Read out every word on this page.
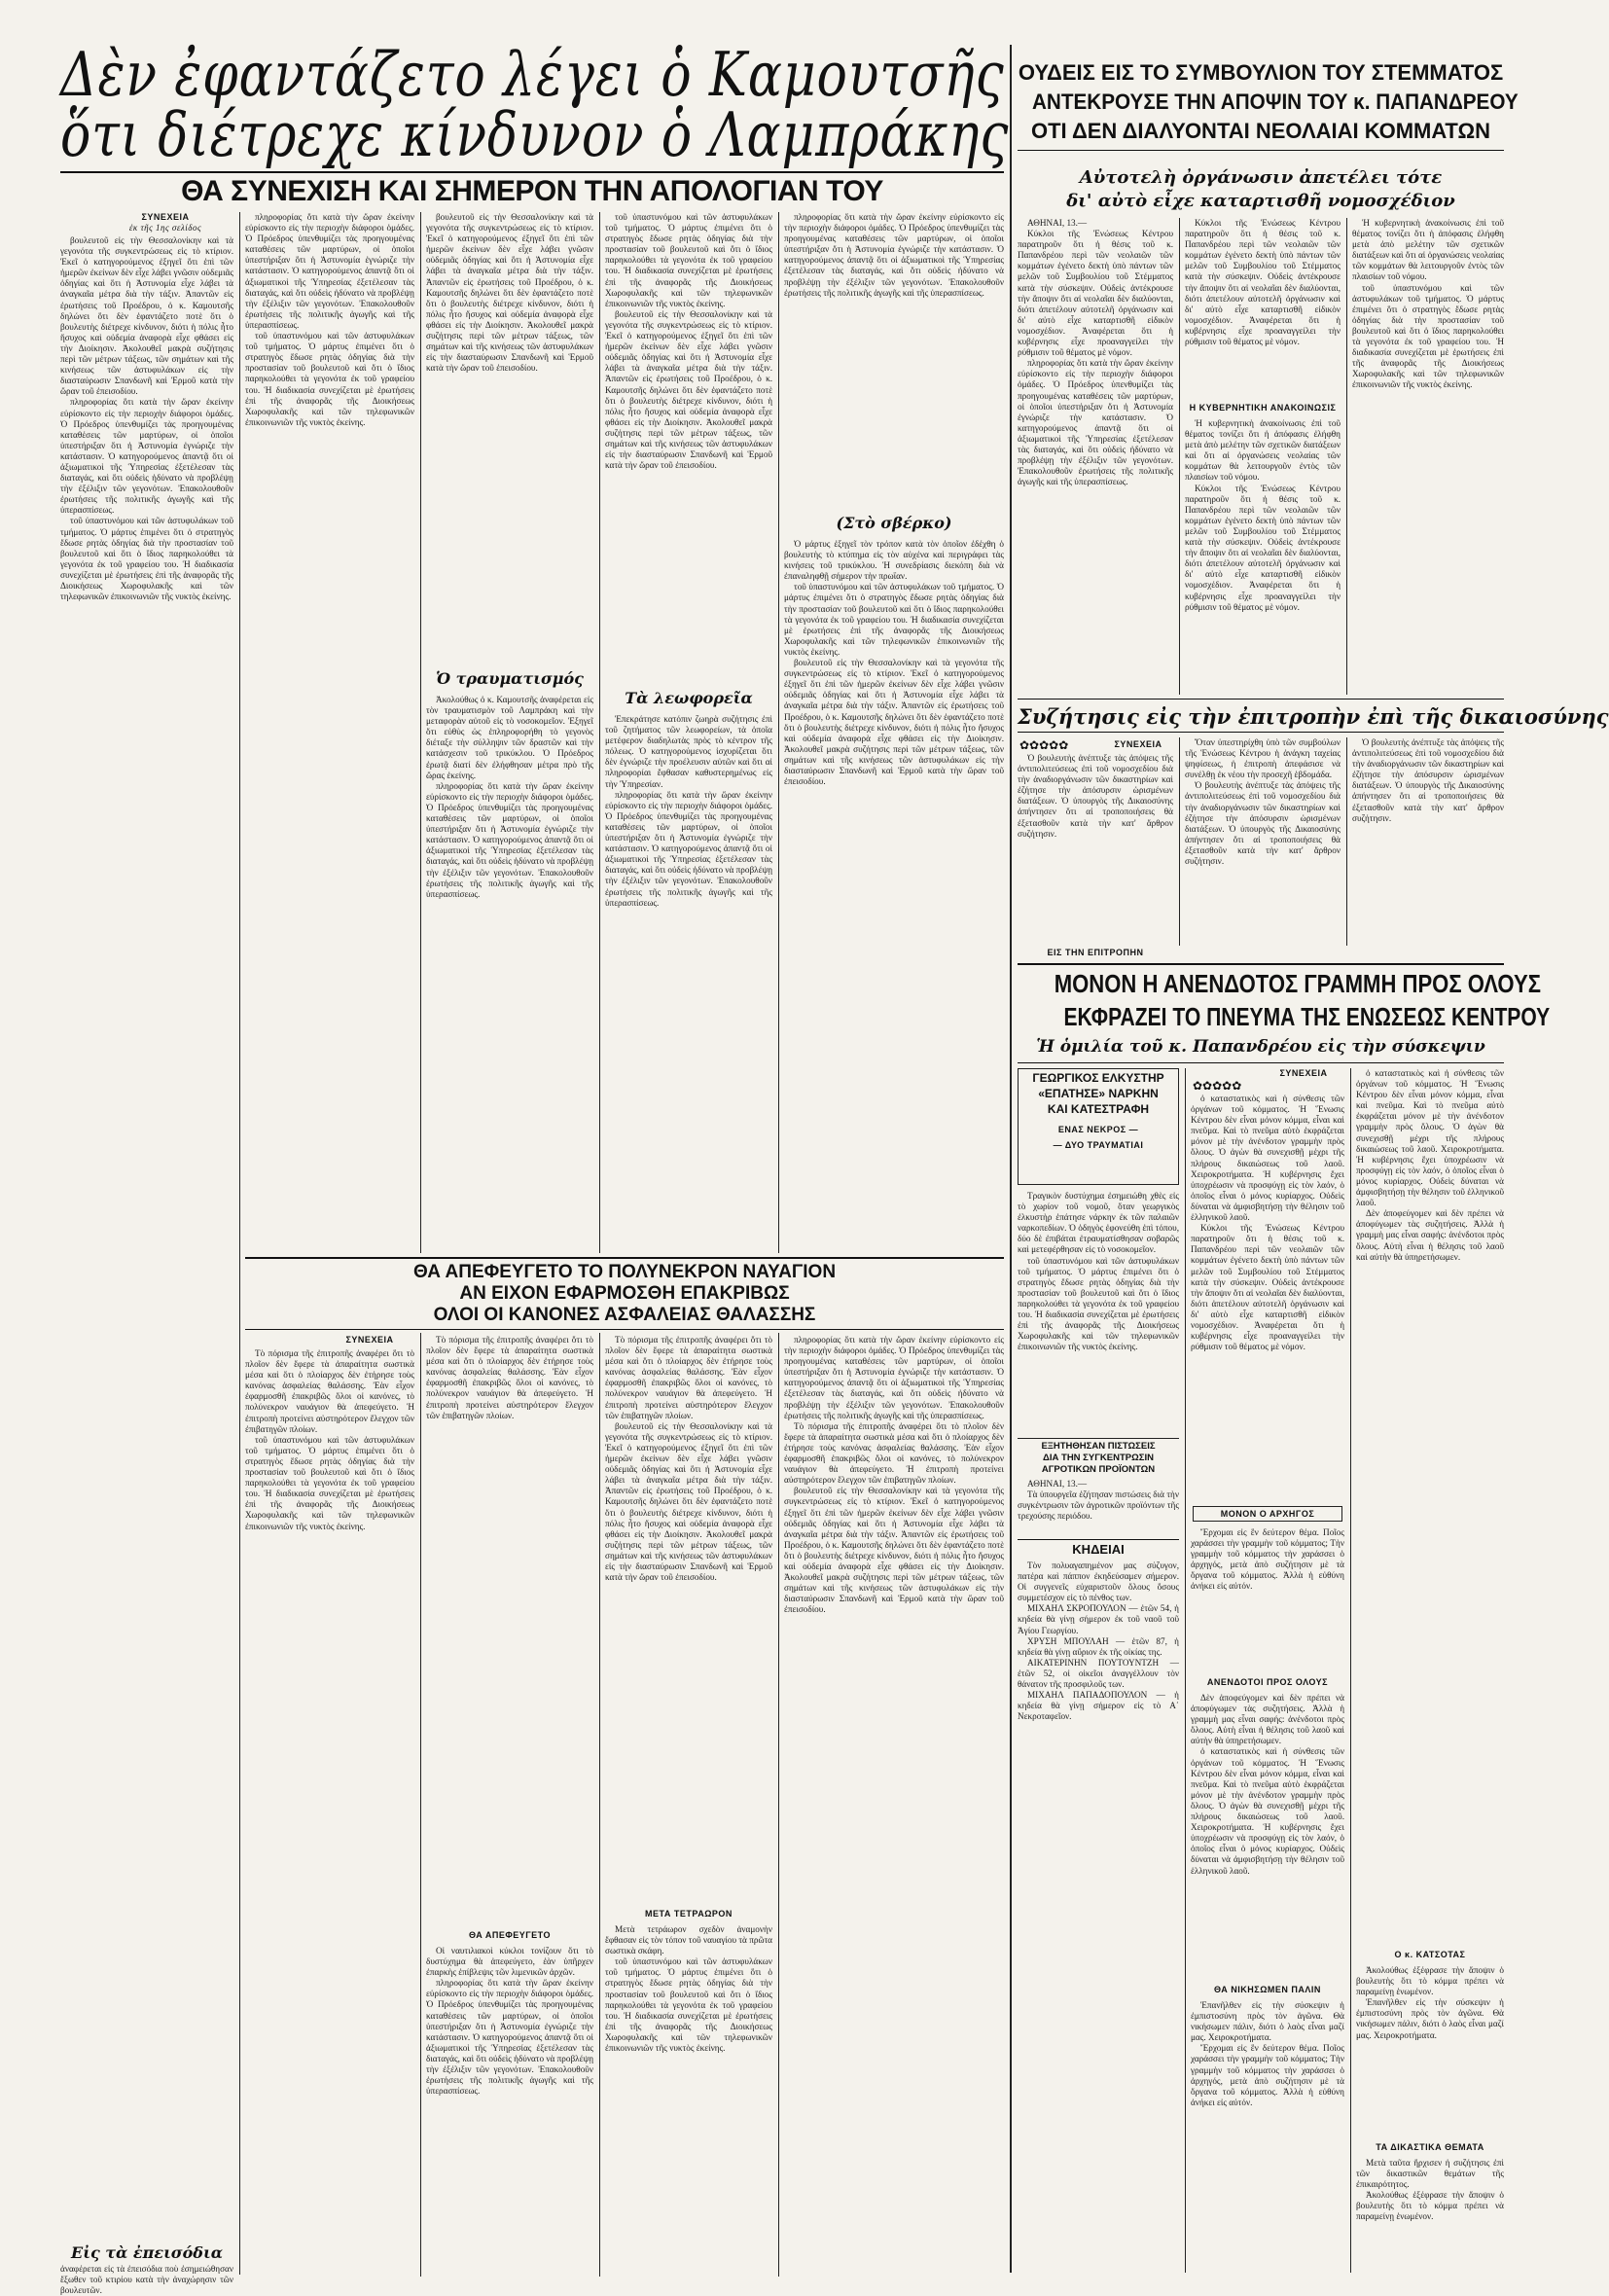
Δὲν ἐφαντάζετο λέγει ὁ Καμουτσῆς
ὅτι διέτρεχε κίνδυνον ὁ Λαμπράκης
ΘΑ ΣΥΝΕΧΙΣΗ ΚΑΙ ΣΗΜΕΡΟΝ ΤΗΝ ΑΠΟΛΟΓΙΑΝ ΤΟΥ
ΣΥΝΕΧΕΙΑ
ἐκ τῆς 1ης σελίδος

βουλευτοῦ εἰς τὴν Θεσσαλονίκην καὶ τὰ γεγονότα τῆς συγκεντρώσεως εἰς τὸ κτίριον. Ἐκεῖ ὁ κατηγορούμενος ἐξηγεῖ ὅτι ἐπὶ τῶν ἡμερῶν ἐκείνων δὲν εἶχε λάβει γνῶσιν οὐδεμιᾶς ὁδηγίας καὶ ὅτι ἡ Ἀστυνομία εἶχε λάβει τὰ ἀναγκαῖα μέτρα διὰ τὴν τάξιν. Ἀπαντῶν εἰς ἐρωτήσεις τοῦ Προέδρου, ὁ κ. Καμουτσῆς δηλώνει ὅτι δὲν ἐφαντάζετο ποτὲ ὅτι ὁ βουλευτὴς διέτρεχε κίνδυνον, διότι ἡ πόλις ἦτο ἥσυχος καὶ οὐδεμία ἀναφορὰ εἶχε φθάσει εἰς τὴν Διοίκησιν. Ἀκολουθεῖ μακρὰ συζήτησις περὶ τῶν μέτρων τάξεως, τῶν σημάτων καὶ τῆς κινήσεως τῶν ἀστυφυλάκων εἰς τὴν διασταύρωσιν Σπανδωνῆ καὶ Ἑρμοῦ κατὰ τὴν ὥραν τοῦ ἐπεισοδίου.

πληροφορίας ὅτι κατὰ τὴν ὥραν ἐκείνην εὑρίσκοντο εἰς τὴν περιοχὴν διάφοροι ὁμάδες. Ὁ Πρόεδρος ὑπενθυμίζει τὰς προηγουμένας καταθέσεις τῶν μαρτύρων, οἱ ὁποῖοι ὑπεστήριξαν ὅτι ἡ Ἀστυνομία ἐγνώριζε τὴν κατάστασιν. Ὁ κατηγορούμενος ἀπαντᾷ ὅτι οἱ ἀξιωματικοὶ τῆς Ὑπηρεσίας ἐξετέλεσαν τὰς διαταγάς, καὶ ὅτι οὐδεὶς ἠδύνατο νὰ προβλέψῃ τὴν ἐξέλιξιν τῶν γεγονότων. Ἐπακολουθοῦν ἐρωτήσεις τῆς πολιτικῆς ἀγωγῆς καὶ τῆς ὑπερασπίσεως.

τοῦ ὑπαστυνόμου καὶ τῶν ἀστυφυλάκων τοῦ τμήματος. Ὁ μάρτυς ἐπιμένει ὅτι ὁ στρατηγὸς ἔδωσε ρητὰς ὁδηγίας διὰ τὴν προστασίαν τοῦ βουλευτοῦ καὶ ὅτι ὁ ἴδιος παρηκολούθει τὰ γεγονότα ἐκ τοῦ γραφείου του. Ἡ διαδικασία συνεχίζεται μὲ ἐρωτήσεις ἐπὶ τῆς ἀναφορᾶς τῆς Διοικήσεως Χωροφυλακῆς καὶ τῶν τηλεφωνικῶν ἐπικοινωνιῶν τῆς νυκτὸς ἐκείνης.

Εἰς τὰ ἐπεισόδια
ἀναφέρεται εἰς τὰ ἐπεισόδια ποὺ ἐσημειώθησαν ἔξωθεν τοῦ κτιρίου κατὰ τὴν ἀναχώρησιν τῶν βουλευτῶν.

πληροφορίας ὅτι κατὰ τὴν ὥραν ἐκείνην εὑρίσκοντο εἰς τὴν περιοχὴν διάφοροι ὁμάδες. Ὁ Πρόεδρος ὑπενθυμίζει τὰς προηγουμένας καταθέσεις τῶν μαρτύρων, οἱ ὁποῖοι ὑπεστήριξαν ὅτι ἡ Ἀστυνομία ἐγνώριζε τὴν κατάστασιν. Ὁ κατηγορούμενος ἀπαντᾷ ὅτι οἱ ἀξιωματικοὶ τῆς Ὑπηρεσίας ἐξετέλεσαν τὰς διαταγάς, καὶ ὅτι οὐδεὶς ἠδύνατο νὰ προβλέψῃ τὴν ἐξέλιξιν τῶν γεγονότων. Ἐπακολουθοῦν ἐρωτήσεις τῆς πολιτικῆς ἀγωγῆς καὶ τῆς ὑπερασπίσεως.

τοῦ ὑπαστυνόμου καὶ τῶν ἀστυφυλάκων τοῦ τμήματος. Ὁ μάρτυς ἐπιμένει ὅτι ὁ στρατηγὸς ἔδωσε ρητὰς ὁδηγίας διὰ τὴν προστασίαν τοῦ βουλευτοῦ καὶ ὅτι ὁ ἴδιος παρηκολούθει τὰ γεγονότα ἐκ τοῦ γραφείου του. Ἡ διαδικασία συνεχίζεται μὲ ἐρωτήσεις ἐπὶ τῆς ἀναφορᾶς τῆς Διοικήσεως Χωροφυλακῆς καὶ τῶν τηλεφωνικῶν ἐπικοινωνιῶν τῆς νυκτὸς ἐκείνης.

βουλευτοῦ εἰς τὴν Θεσσαλονίκην καὶ τὰ γεγονότα τῆς συγκεντρώσεως εἰς τὸ κτίριον. Ἐκεῖ ὁ κατηγορούμενος ἐξηγεῖ ὅτι ἐπὶ τῶν ἡμερῶν ἐκείνων δὲν εἶχε λάβει γνῶσιν οὐδεμιᾶς ὁδηγίας καὶ ὅτι ἡ Ἀστυνομία εἶχε λάβει τὰ ἀναγκαῖα μέτρα διὰ τὴν τάξιν. Ἀπαντῶν εἰς ἐρωτήσεις τοῦ Προέδρου, ὁ κ. Καμουτσῆς δηλώνει ὅτι δὲν ἐφαντάζετο ποτὲ ὅτι ὁ βουλευτὴς διέτρεχε κίνδυνον, διότι ἡ πόλις ἦτο ἥσυχος καὶ οὐδεμία ἀναφορὰ εἶχε φθάσει εἰς τὴν Διοίκησιν. Ἀκολουθεῖ μακρὰ συζήτησις περὶ τῶν μέτρων τάξεως, τῶν σημάτων καὶ τῆς κινήσεως τῶν ἀστυφυλάκων εἰς τὴν διασταύρωσιν Σπανδωνῆ καὶ Ἑρμοῦ κατὰ τὴν ὥραν τοῦ ἐπεισοδίου.

Ὁ τραυματισμός

Ἀκολούθως ὁ κ. Καμουτσῆς ἀναφέρεται εἰς τὸν τραυματισμὸν τοῦ Λαμπράκη καὶ τὴν μεταφορὰν αὐτοῦ εἰς τὸ νοσοκομεῖον. Ἐξηγεῖ ὅτι εὐθὺς ὡς ἐπληροφορήθη τὸ γεγονὸς διέταξε τὴν σύλληψιν τῶν δραστῶν καὶ τὴν κατάσχεσιν τοῦ τρικύκλου. Ὁ Πρόεδρος ἐρωτᾷ διατί δὲν ἐλήφθησαν μέτρα πρὸ τῆς ὥρας ἐκείνης.

πληροφορίας ὅτι κατὰ τὴν ὥραν ἐκείνην εὑρίσκοντο εἰς τὴν περιοχὴν διάφοροι ὁμάδες. Ὁ Πρόεδρος ὑπενθυμίζει τὰς προηγουμένας καταθέσεις τῶν μαρτύρων, οἱ ὁποῖοι ὑπεστήριξαν ὅτι ἡ Ἀστυνομία ἐγνώριζε τὴν κατάστασιν. Ὁ κατηγορούμενος ἀπαντᾷ ὅτι οἱ ἀξιωματικοὶ τῆς Ὑπηρεσίας ἐξετέλεσαν τὰς διαταγάς, καὶ ὅτι οὐδεὶς ἠδύνατο νὰ προβλέψῃ τὴν ἐξέλιξιν τῶν γεγονότων. Ἐπακολουθοῦν ἐρωτήσεις τῆς πολιτικῆς ἀγωγῆς καὶ τῆς ὑπερασπίσεως.

τοῦ ὑπαστυνόμου καὶ τῶν ἀστυφυλάκων τοῦ τμήματος. Ὁ μάρτυς ἐπιμένει ὅτι ὁ στρατηγὸς ἔδωσε ρητὰς ὁδηγίας διὰ τὴν προστασίαν τοῦ βουλευτοῦ καὶ ὅτι ὁ ἴδιος παρηκολούθει τὰ γεγονότα ἐκ τοῦ γραφείου του. Ἡ διαδικασία συνεχίζεται μὲ ἐρωτήσεις ἐπὶ τῆς ἀναφορᾶς τῆς Διοικήσεως Χωροφυλακῆς καὶ τῶν τηλεφωνικῶν ἐπικοινωνιῶν τῆς νυκτὸς ἐκείνης.

βουλευτοῦ εἰς τὴν Θεσσαλονίκην καὶ τὰ γεγονότα τῆς συγκεντρώσεως εἰς τὸ κτίριον. Ἐκεῖ ὁ κατηγορούμενος ἐξηγεῖ ὅτι ἐπὶ τῶν ἡμερῶν ἐκείνων δὲν εἶχε λάβει γνῶσιν οὐδεμιᾶς ὁδηγίας καὶ ὅτι ἡ Ἀστυνομία εἶχε λάβει τὰ ἀναγκαῖα μέτρα διὰ τὴν τάξιν. Ἀπαντῶν εἰς ἐρωτήσεις τοῦ Προέδρου, ὁ κ. Καμουτσῆς δηλώνει ὅτι δὲν ἐφαντάζετο ποτὲ ὅτι ὁ βουλευτὴς διέτρεχε κίνδυνον, διότι ἡ πόλις ἦτο ἥσυχος καὶ οὐδεμία ἀναφορὰ εἶχε φθάσει εἰς τὴν Διοίκησιν. Ἀκολουθεῖ μακρὰ συζήτησις περὶ τῶν μέτρων τάξεως, τῶν σημάτων καὶ τῆς κινήσεως τῶν ἀστυφυλάκων εἰς τὴν διασταύρωσιν Σπανδωνῆ καὶ Ἑρμοῦ κατὰ τὴν ὥραν τοῦ ἐπεισοδίου.

Τὰ λεωφορεῖα

Ἐπεκράτησε κατόπιν ζωηρὰ συζήτησις ἐπὶ τοῦ ζητήματος τῶν λεωφορείων, τὰ ὁποῖα μετέφερον διαδηλωτὰς πρὸς τὸ κέντρον τῆς πόλεως. Ὁ κατηγορούμενος ἰσχυρίζεται ὅτι δὲν ἐγνώριζε τὴν προέλευσιν αὐτῶν καὶ ὅτι αἱ πληροφορίαι ἔφθασαν καθυστερημένως εἰς τὴν Ὑπηρεσίαν.

πληροφορίας ὅτι κατὰ τὴν ὥραν ἐκείνην εὑρίσκοντο εἰς τὴν περιοχὴν διάφοροι ὁμάδες. Ὁ Πρόεδρος ὑπενθυμίζει τὰς προηγουμένας καταθέσεις τῶν μαρτύρων, οἱ ὁποῖοι ὑπεστήριξαν ὅτι ἡ Ἀστυνομία ἐγνώριζε τὴν κατάστασιν. Ὁ κατηγορούμενος ἀπαντᾷ ὅτι οἱ ἀξιωματικοὶ τῆς Ὑπηρεσίας ἐξετέλεσαν τὰς διαταγάς, καὶ ὅτι οὐδεὶς ἠδύνατο νὰ προβλέψῃ τὴν ἐξέλιξιν τῶν γεγονότων. Ἐπακολουθοῦν ἐρωτήσεις τῆς πολιτικῆς ἀγωγῆς καὶ τῆς ὑπερασπίσεως.

πληροφορίας ὅτι κατὰ τὴν ὥραν ἐκείνην εὑρίσκοντο εἰς τὴν περιοχὴν διάφοροι ὁμάδες. Ὁ Πρόεδρος ὑπενθυμίζει τὰς προηγουμένας καταθέσεις τῶν μαρτύρων, οἱ ὁποῖοι ὑπεστήριξαν ὅτι ἡ Ἀστυνομία ἐγνώριζε τὴν κατάστασιν. Ὁ κατηγορούμενος ἀπαντᾷ ὅτι οἱ ἀξιωματικοὶ τῆς Ὑπηρεσίας ἐξετέλεσαν τὰς διαταγάς, καὶ ὅτι οὐδεὶς ἠδύνατο νὰ προβλέψῃ τὴν ἐξέλιξιν τῶν γεγονότων. Ἐπακολουθοῦν ἐρωτήσεις τῆς πολιτικῆς ἀγωγῆς καὶ τῆς ὑπερασπίσεως.

(Στὸ σβέρκο)

Ὁ μάρτυς ἐξηγεῖ τὸν τρόπον κατὰ τὸν ὁποῖον ἐδέχθη ὁ βουλευτὴς τὸ κτύπημα εἰς τὸν αὐχένα καὶ περιγράφει τὰς κινήσεις τοῦ τρικύκλου. Ἡ συνεδρίασις διεκόπη διὰ νὰ ἐπαναληφθῇ σήμερον τὴν πρωΐαν.

τοῦ ὑπαστυνόμου καὶ τῶν ἀστυφυλάκων τοῦ τμήματος. Ὁ μάρτυς ἐπιμένει ὅτι ὁ στρατηγὸς ἔδωσε ρητὰς ὁδηγίας διὰ τὴν προστασίαν τοῦ βουλευτοῦ καὶ ὅτι ὁ ἴδιος παρηκολούθει τὰ γεγονότα ἐκ τοῦ γραφείου του. Ἡ διαδικασία συνεχίζεται μὲ ἐρωτήσεις ἐπὶ τῆς ἀναφορᾶς τῆς Διοικήσεως Χωροφυλακῆς καὶ τῶν τηλεφωνικῶν ἐπικοινωνιῶν τῆς νυκτὸς ἐκείνης.

βουλευτοῦ εἰς τὴν Θεσσαλονίκην καὶ τὰ γεγονότα τῆς συγκεντρώσεως εἰς τὸ κτίριον. Ἐκεῖ ὁ κατηγορούμενος ἐξηγεῖ ὅτι ἐπὶ τῶν ἡμερῶν ἐκείνων δὲν εἶχε λάβει γνῶσιν οὐδεμιᾶς ὁδηγίας καὶ ὅτι ἡ Ἀστυνομία εἶχε λάβει τὰ ἀναγκαῖα μέτρα διὰ τὴν τάξιν. Ἀπαντῶν εἰς ἐρωτήσεις τοῦ Προέδρου, ὁ κ. Καμουτσῆς δηλώνει ὅτι δὲν ἐφαντάζετο ποτὲ ὅτι ὁ βουλευτὴς διέτρεχε κίνδυνον, διότι ἡ πόλις ἦτο ἥσυχος καὶ οὐδεμία ἀναφορὰ εἶχε φθάσει εἰς τὴν Διοίκησιν. Ἀκολουθεῖ μακρὰ συζήτησις περὶ τῶν μέτρων τάξεως, τῶν σημάτων καὶ τῆς κινήσεως τῶν ἀστυφυλάκων εἰς τὴν διασταύρωσιν Σπανδωνῆ καὶ Ἑρμοῦ κατὰ τὴν ὥραν τοῦ ἐπεισοδίου.

ΘΑ ΑΠΕΦΕΥΓΕΤΟ ΤΟ ΠΟΛΥΝΕΚΡΟΝ ΝΑΥΑΓΙΟΝ
ΑΝ ΕΙΧΟΝ ΕΦΑΡΜΟΣΘΗ ΕΠΑΚΡΙΒΩΣ
ΟΛΟΙ ΟΙ ΚΑΝΟΝΕΣ ΑΣΦΑΛΕΙΑΣ ΘΑΛΑΣΣΗΣ
ΣΥΝΕΧΕΙΑ

Τὸ πόρισμα τῆς ἐπιτροπῆς ἀναφέρει ὅτι τὸ πλοῖον δὲν ἔφερε τὰ ἀπαραίτητα σωστικὰ μέσα καὶ ὅτι ὁ πλοίαρχος δὲν ἐτήρησε τοὺς κανόνας ἀσφαλείας θαλάσσης. Ἐὰν εἶχον ἐφαρμοσθῆ ἐπακριβῶς ὅλοι οἱ κανόνες, τὸ πολύνεκρον ναυάγιον θὰ ἀπεφεύγετο. Ἡ ἐπιτροπὴ προτείνει αὐστηρότερον ἔλεγχον τῶν ἐπιβατηγῶν πλοίων.

τοῦ ὑπαστυνόμου καὶ τῶν ἀστυφυλάκων τοῦ τμήματος. Ὁ μάρτυς ἐπιμένει ὅτι ὁ στρατηγὸς ἔδωσε ρητὰς ὁδηγίας διὰ τὴν προστασίαν τοῦ βουλευτοῦ καὶ ὅτι ὁ ἴδιος παρηκολούθει τὰ γεγονότα ἐκ τοῦ γραφείου του. Ἡ διαδικασία συνεχίζεται μὲ ἐρωτήσεις ἐπὶ τῆς ἀναφορᾶς τῆς Διοικήσεως Χωροφυλακῆς καὶ τῶν τηλεφωνικῶν ἐπικοινωνιῶν τῆς νυκτὸς ἐκείνης.

Τὸ πόρισμα τῆς ἐπιτροπῆς ἀναφέρει ὅτι τὸ πλοῖον δὲν ἔφερε τὰ ἀπαραίτητα σωστικὰ μέσα καὶ ὅτι ὁ πλοίαρχος δὲν ἐτήρησε τοὺς κανόνας ἀσφαλείας θαλάσσης. Ἐὰν εἶχον ἐφαρμοσθῆ ἐπακριβῶς ὅλοι οἱ κανόνες, τὸ πολύνεκρον ναυάγιον θὰ ἀπεφεύγετο. Ἡ ἐπιτροπὴ προτείνει αὐστηρότερον ἔλεγχον τῶν ἐπιβατηγῶν πλοίων.

ΘΑ ΑΠΕΦΕΥΓΕΤΟ

Οἱ ναυτιλιακοὶ κύκλοι τονίζουν ὅτι τὸ δυστύχημα θὰ ἀπεφεύγετο, ἐὰν ὑπῆρχεν ἐπαρκὴς ἐπίβλεψις τῶν λιμενικῶν ἀρχῶν.

πληροφορίας ὅτι κατὰ τὴν ὥραν ἐκείνην εὑρίσκοντο εἰς τὴν περιοχὴν διάφοροι ὁμάδες. Ὁ Πρόεδρος ὑπενθυμίζει τὰς προηγουμένας καταθέσεις τῶν μαρτύρων, οἱ ὁποῖοι ὑπεστήριξαν ὅτι ἡ Ἀστυνομία ἐγνώριζε τὴν κατάστασιν. Ὁ κατηγορούμενος ἀπαντᾷ ὅτι οἱ ἀξιωματικοὶ τῆς Ὑπηρεσίας ἐξετέλεσαν τὰς διαταγάς, καὶ ὅτι οὐδεὶς ἠδύνατο νὰ προβλέψῃ τὴν ἐξέλιξιν τῶν γεγονότων. Ἐπακολουθοῦν ἐρωτήσεις τῆς πολιτικῆς ἀγωγῆς καὶ τῆς ὑπερασπίσεως.

Τὸ πόρισμα τῆς ἐπιτροπῆς ἀναφέρει ὅτι τὸ πλοῖον δὲν ἔφερε τὰ ἀπαραίτητα σωστικὰ μέσα καὶ ὅτι ὁ πλοίαρχος δὲν ἐτήρησε τοὺς κανόνας ἀσφαλείας θαλάσσης. Ἐὰν εἶχον ἐφαρμοσθῆ ἐπακριβῶς ὅλοι οἱ κανόνες, τὸ πολύνεκρον ναυάγιον θὰ ἀπεφεύγετο. Ἡ ἐπιτροπὴ προτείνει αὐστηρότερον ἔλεγχον τῶν ἐπιβατηγῶν πλοίων.

βουλευτοῦ εἰς τὴν Θεσσαλονίκην καὶ τὰ γεγονότα τῆς συγκεντρώσεως εἰς τὸ κτίριον. Ἐκεῖ ὁ κατηγορούμενος ἐξηγεῖ ὅτι ἐπὶ τῶν ἡμερῶν ἐκείνων δὲν εἶχε λάβει γνῶσιν οὐδεμιᾶς ὁδηγίας καὶ ὅτι ἡ Ἀστυνομία εἶχε λάβει τὰ ἀναγκαῖα μέτρα διὰ τὴν τάξιν. Ἀπαντῶν εἰς ἐρωτήσεις τοῦ Προέδρου, ὁ κ. Καμουτσῆς δηλώνει ὅτι δὲν ἐφαντάζετο ποτὲ ὅτι ὁ βουλευτὴς διέτρεχε κίνδυνον, διότι ἡ πόλις ἦτο ἥσυχος καὶ οὐδεμία ἀναφορὰ εἶχε φθάσει εἰς τὴν Διοίκησιν. Ἀκολουθεῖ μακρὰ συζήτησις περὶ τῶν μέτρων τάξεως, τῶν σημάτων καὶ τῆς κινήσεως τῶν ἀστυφυλάκων εἰς τὴν διασταύρωσιν Σπανδωνῆ καὶ Ἑρμοῦ κατὰ τὴν ὥραν τοῦ ἐπεισοδίου.

ΜΕΤΑ ΤΕΤΡΑΩΡΟΝ

Μετὰ τετράωρον σχεδὸν ἀναμονὴν ἔφθασαν εἰς τὸν τόπον τοῦ ναυαγίου τὰ πρῶτα σωστικὰ σκάφη.

τοῦ ὑπαστυνόμου καὶ τῶν ἀστυφυλάκων τοῦ τμήματος. Ὁ μάρτυς ἐπιμένει ὅτι ὁ στρατηγὸς ἔδωσε ρητὰς ὁδηγίας διὰ τὴν προστασίαν τοῦ βουλευτοῦ καὶ ὅτι ὁ ἴδιος παρηκολούθει τὰ γεγονότα ἐκ τοῦ γραφείου του. Ἡ διαδικασία συνεχίζεται μὲ ἐρωτήσεις ἐπὶ τῆς ἀναφορᾶς τῆς Διοικήσεως Χωροφυλακῆς καὶ τῶν τηλεφωνικῶν ἐπικοινωνιῶν τῆς νυκτὸς ἐκείνης.

πληροφορίας ὅτι κατὰ τὴν ὥραν ἐκείνην εὑρίσκοντο εἰς τὴν περιοχὴν διάφοροι ὁμάδες. Ὁ Πρόεδρος ὑπενθυμίζει τὰς προηγουμένας καταθέσεις τῶν μαρτύρων, οἱ ὁποῖοι ὑπεστήριξαν ὅτι ἡ Ἀστυνομία ἐγνώριζε τὴν κατάστασιν. Ὁ κατηγορούμενος ἀπαντᾷ ὅτι οἱ ἀξιωματικοὶ τῆς Ὑπηρεσίας ἐξετέλεσαν τὰς διαταγάς, καὶ ὅτι οὐδεὶς ἠδύνατο νὰ προβλέψῃ τὴν ἐξέλιξιν τῶν γεγονότων. Ἐπακολουθοῦν ἐρωτήσεις τῆς πολιτικῆς ἀγωγῆς καὶ τῆς ὑπερασπίσεως.

Τὸ πόρισμα τῆς ἐπιτροπῆς ἀναφέρει ὅτι τὸ πλοῖον δὲν ἔφερε τὰ ἀπαραίτητα σωστικὰ μέσα καὶ ὅτι ὁ πλοίαρχος δὲν ἐτήρησε τοὺς κανόνας ἀσφαλείας θαλάσσης. Ἐὰν εἶχον ἐφαρμοσθῆ ἐπακριβῶς ὅλοι οἱ κανόνες, τὸ πολύνεκρον ναυάγιον θὰ ἀπεφεύγετο. Ἡ ἐπιτροπὴ προτείνει αὐστηρότερον ἔλεγχον τῶν ἐπιβατηγῶν πλοίων.

βουλευτοῦ εἰς τὴν Θεσσαλονίκην καὶ τὰ γεγονότα τῆς συγκεντρώσεως εἰς τὸ κτίριον. Ἐκεῖ ὁ κατηγορούμενος ἐξηγεῖ ὅτι ἐπὶ τῶν ἡμερῶν ἐκείνων δὲν εἶχε λάβει γνῶσιν οὐδεμιᾶς ὁδηγίας καὶ ὅτι ἡ Ἀστυνομία εἶχε λάβει τὰ ἀναγκαῖα μέτρα διὰ τὴν τάξιν. Ἀπαντῶν εἰς ἐρωτήσεις τοῦ Προέδρου, ὁ κ. Καμουτσῆς δηλώνει ὅτι δὲν ἐφαντάζετο ποτὲ ὅτι ὁ βουλευτὴς διέτρεχε κίνδυνον, διότι ἡ πόλις ἦτο ἥσυχος καὶ οὐδεμία ἀναφορὰ εἶχε φθάσει εἰς τὴν Διοίκησιν. Ἀκολουθεῖ μακρὰ συζήτησις περὶ τῶν μέτρων τάξεως, τῶν σημάτων καὶ τῆς κινήσεως τῶν ἀστυφυλάκων εἰς τὴν διασταύρωσιν Σπανδωνῆ καὶ Ἑρμοῦ κατὰ τὴν ὥραν τοῦ ἐπεισοδίου.

ΟΥΔΕΙΣ ΕΙΣ ΤΟ ΣΥΜΒΟΥΛΙΟΝ ΤΟΥ ΣΤΕΜΜΑΤΟΣ
ΑΝΤΕΚΡΟΥΣΕ ΤΗΝ ΑΠΟΨΙΝ ΤΟΥ κ. ΠΑΠΑΝΔΡΕΟΥ
ΟΤΙ ΔΕΝ ΔΙΑΛΥΟΝΤΑΙ ΝΕΟΛΑΙΑΙ ΚΟΜΜΑΤΩΝ
Αὐτοτελὴ ὀργάνωσιν ἀπετέλει τότε
δι' αὐτὸ εἶχε καταρτισθῆ νομοσχέδιον

ΑΘΗΝΑΙ, 13.—

Κύκλοι τῆς Ἑνώσεως Κέντρου παρατηροῦν ὅτι ἡ θέσις τοῦ κ. Παπανδρέου περὶ τῶν νεολαιῶν τῶν κομμάτων ἐγένετο δεκτὴ ὑπὸ πάντων τῶν μελῶν τοῦ Συμβουλίου τοῦ Στέμματος κατὰ τὴν σύσκεψιν. Οὐδεὶς ἀντέκρουσε τὴν ἄποψιν ὅτι αἱ νεολαῖαι δὲν διαλύονται, διότι ἀπετέλουν αὐτοτελῆ ὀργάνωσιν καὶ δι' αὐτὸ εἶχε καταρτισθῆ εἰδικὸν νομοσχέδιον. Ἀναφέρεται ὅτι ἡ κυβέρνησις εἶχε προαναγγείλει τὴν ρύθμισιν τοῦ θέματος μὲ νόμον.

πληροφορίας ὅτι κατὰ τὴν ὥραν ἐκείνην εὑρίσκοντο εἰς τὴν περιοχὴν διάφοροι ὁμάδες. Ὁ Πρόεδρος ὑπενθυμίζει τὰς προηγουμένας καταθέσεις τῶν μαρτύρων, οἱ ὁποῖοι ὑπεστήριξαν ὅτι ἡ Ἀστυνομία ἐγνώριζε τὴν κατάστασιν. Ὁ κατηγορούμενος ἀπαντᾷ ὅτι οἱ ἀξιωματικοὶ τῆς Ὑπηρεσίας ἐξετέλεσαν τὰς διαταγάς, καὶ ὅτι οὐδεὶς ἠδύνατο νὰ προβλέψῃ τὴν ἐξέλιξιν τῶν γεγονότων. Ἐπακολουθοῦν ἐρωτήσεις τῆς πολιτικῆς ἀγωγῆς καὶ τῆς ὑπερασπίσεως.

Κύκλοι τῆς Ἑνώσεως Κέντρου παρατηροῦν ὅτι ἡ θέσις τοῦ κ. Παπανδρέου περὶ τῶν νεολαιῶν τῶν κομμάτων ἐγένετο δεκτὴ ὑπὸ πάντων τῶν μελῶν τοῦ Συμβουλίου τοῦ Στέμματος κατὰ τὴν σύσκεψιν. Οὐδεὶς ἀντέκρουσε τὴν ἄποψιν ὅτι αἱ νεολαῖαι δὲν διαλύονται, διότι ἀπετέλουν αὐτοτελῆ ὀργάνωσιν καὶ δι' αὐτὸ εἶχε καταρτισθῆ εἰδικὸν νομοσχέδιον. Ἀναφέρεται ὅτι ἡ κυβέρνησις εἶχε προαναγγείλει τὴν ρύθμισιν τοῦ θέματος μὲ νόμον.

Η ΚΥΒΕΡΝΗΤΙΚΗ ΑΝΑΚΟΙΝΩΣΙΣ

Ἡ κυβερνητικὴ ἀνακοίνωσις ἐπὶ τοῦ θέματος τονίζει ὅτι ἡ ἀπόφασις ἐλήφθη μετὰ ἀπὸ μελέτην τῶν σχετικῶν διατάξεων καὶ ὅτι αἱ ὀργανώσεις νεολαίας τῶν κομμάτων θὰ λειτουργοῦν ἐντὸς τῶν πλαισίων τοῦ νόμου.

Κύκλοι τῆς Ἑνώσεως Κέντρου παρατηροῦν ὅτι ἡ θέσις τοῦ κ. Παπανδρέου περὶ τῶν νεολαιῶν τῶν κομμάτων ἐγένετο δεκτὴ ὑπὸ πάντων τῶν μελῶν τοῦ Συμβουλίου τοῦ Στέμματος κατὰ τὴν σύσκεψιν. Οὐδεὶς ἀντέκρουσε τὴν ἄποψιν ὅτι αἱ νεολαῖαι δὲν διαλύονται, διότι ἀπετέλουν αὐτοτελῆ ὀργάνωσιν καὶ δι' αὐτὸ εἶχε καταρτισθῆ εἰδικὸν νομοσχέδιον. Ἀναφέρεται ὅτι ἡ κυβέρνησις εἶχε προαναγγείλει τὴν ρύθμισιν τοῦ θέματος μὲ νόμον.

Ἡ κυβερνητικὴ ἀνακοίνωσις ἐπὶ τοῦ θέματος τονίζει ὅτι ἡ ἀπόφασις ἐλήφθη μετὰ ἀπὸ μελέτην τῶν σχετικῶν διατάξεων καὶ ὅτι αἱ ὀργανώσεις νεολαίας τῶν κομμάτων θὰ λειτουργοῦν ἐντὸς τῶν πλαισίων τοῦ νόμου.

τοῦ ὑπαστυνόμου καὶ τῶν ἀστυφυλάκων τοῦ τμήματος. Ὁ μάρτυς ἐπιμένει ὅτι ὁ στρατηγὸς ἔδωσε ρητὰς ὁδηγίας διὰ τὴν προστασίαν τοῦ βουλευτοῦ καὶ ὅτι ὁ ἴδιος παρηκολούθει τὰ γεγονότα ἐκ τοῦ γραφείου του. Ἡ διαδικασία συνεχίζεται μὲ ἐρωτήσεις ἐπὶ τῆς ἀναφορᾶς τῆς Διοικήσεως Χωροφυλακῆς καὶ τῶν τηλεφωνικῶν ἐπικοινωνιῶν τῆς νυκτὸς ἐκείνης.

Συζήτησις εἰς τὴν ἐπιτροπὴν ἐπὶ τῆς δικαιοσύνης
✿✿✿✿✿	ΣΥΝΕΧΕΙΑ

Ὁ βουλευτὴς ἀνέπτυξε τὰς ἀπόψεις τῆς ἀντιπολιτεύσεως ἐπὶ τοῦ νομοσχεδίου διὰ τὴν ἀναδιοργάνωσιν τῶν δικαστηρίων καὶ ἐζήτησε τὴν ἀπόσυρσιν ὡρισμένων διατάξεων. Ὁ ὑπουργὸς τῆς Δικαιοσύνης ἀπήντησεν ὅτι αἱ τροποποιήσεις θὰ ἐξετασθοῦν κατὰ τὴν κατ' ἄρθρον συζήτησιν.

Ὅταν ὑπεστηρίχθη ὑπὸ τῶν συμβούλων τῆς Ἑνώσεως Κέντρου ἡ ἀνάγκη ταχείας ψηφίσεως, ἡ ἐπιτροπὴ ἀπεφάσισε νὰ συνέλθῃ ἐκ νέου τὴν προσεχῆ ἑβδομάδα.

Ὁ βουλευτὴς ἀνέπτυξε τὰς ἀπόψεις τῆς ἀντιπολιτεύσεως ἐπὶ τοῦ νομοσχεδίου διὰ τὴν ἀναδιοργάνωσιν τῶν δικαστηρίων καὶ ἐζήτησε τὴν ἀπόσυρσιν ὡρισμένων διατάξεων. Ὁ ὑπουργὸς τῆς Δικαιοσύνης ἀπήντησεν ὅτι αἱ τροποποιήσεις θὰ ἐξετασθοῦν κατὰ τὴν κατ' ἄρθρον συζήτησιν.

Ὁ βουλευτὴς ἀνέπτυξε τὰς ἀπόψεις τῆς ἀντιπολιτεύσεως ἐπὶ τοῦ νομοσχεδίου διὰ τὴν ἀναδιοργάνωσιν τῶν δικαστηρίων καὶ ἐζήτησε τὴν ἀπόσυρσιν ὡρισμένων διατάξεων. Ὁ ὑπουργὸς τῆς Δικαιοσύνης ἀπήντησεν ὅτι αἱ τροποποιήσεις θὰ ἐξετασθοῦν κατὰ τὴν κατ' ἄρθρον συζήτησιν.

ΕΙΣ ΤΗΝ ΕΠΙΤΡΟΠΗΝ
ΜΟΝΟΝ Η ΑΝΕΝΔΟΤΟΣ ΓΡΑΜΜΗ ΠΡΟΣ ΟΛΟΥΣ
ΕΚΦΡΑΖΕΙ ΤΟ ΠΝΕΥΜΑ ΤΗΣ ΕΝΩΣΕΩΣ ΚΕΝΤΡΟΥ
Ἡ ὁμιλία τοῦ κ. Παπανδρέου εἰς τὴν σύσκεψιν
ΓΕΩΡΓΙΚΟΣ ΕΛΚΥΣΤΗΡ
«ΕΠΑΤΗΣΕ» ΝΑΡΚΗΝ
ΚΑΙ ΚΑΤΕΣΤΡΑΦΗ
ΕΝΑΣ ΝΕΚΡΟΣ —
— ΔΥΟ ΤΡΑΥΜΑΤΙΑΙ

Τραγικὸν δυστύχημα ἐσημειώθη χθὲς εἰς τὸ χωρίον τοῦ νομοῦ, ὅταν γεωργικὸς ἐλκυστὴρ ἐπάτησε νάρκην ἐκ τῶν παλαιῶν ναρκοπεδίων. Ὁ ὁδηγὸς ἐφονεύθη ἐπὶ τόπου, δύο δὲ ἐπιβάται ἐτραυματίσθησαν σοβαρῶς καὶ μετεφέρθησαν εἰς τὸ νοσοκομεῖον.

τοῦ ὑπαστυνόμου καὶ τῶν ἀστυφυλάκων τοῦ τμήματος. Ὁ μάρτυς ἐπιμένει ὅτι ὁ στρατηγὸς ἔδωσε ρητὰς ὁδηγίας διὰ τὴν προστασίαν τοῦ βουλευτοῦ καὶ ὅτι ὁ ἴδιος παρηκολούθει τὰ γεγονότα ἐκ τοῦ γραφείου του. Ἡ διαδικασία συνεχίζεται μὲ ἐρωτήσεις ἐπὶ τῆς ἀναφορᾶς τῆς Διοικήσεως Χωροφυλακῆς καὶ τῶν τηλεφωνικῶν ἐπικοινωνιῶν τῆς νυκτὸς ἐκείνης.

ΕΞΗΤΗΘΗΣΑΝ ΠΙΣΤΩΣΕΙΣ
ΔΙΑ ΤΗΝ ΣΥΓΚΕΝΤΡΩΣΙΝ
ΑΓΡΟΤΙΚΩΝ ΠΡΟΪΟΝΤΩΝ

ΑΘΗΝΑΙ, 13.—

Τὰ ὑπουργεῖα ἐζήτησαν πιστώσεις διὰ τὴν συγκέντρωσιν τῶν ἀγροτικῶν προϊόντων τῆς τρεχούσης περιόδου.

ΚΗΔΕΙΑΙ

Τὸν πολυαγαπημένον μας σύζυγον, πατέρα καὶ πάππον ἐκηδεύσαμεν σήμερον. Οἱ συγγενεῖς εὐχαριστοῦν ὅλους ὅσους συμμετέσχον εἰς τὸ πένθος των.

ΜΙΧΑΗΛ ΣΚΡΟΠΟΥΛΟΝ — ἐτῶν 54, ἡ κηδεία θὰ γίνῃ σήμερον ἐκ τοῦ ναοῦ τοῦ Ἁγίου Γεωργίου.

ΧΡΥΣΗ ΜΠΟΥΛΑΗ — ἐτῶν 87, ἡ κηδεία θὰ γίνῃ αὔριον ἐκ τῆς οἰκίας της.

ΑΙΚΑΤΕΡΙΝΗΝ ΠΟΥΤΟΥΝΤΖΗ — ἐτῶν 52, οἱ οἰκεῖοι ἀναγγέλλουν τὸν θάνατον τῆς προσφιλοῦς των.

ΜΙΧΑΗΛ ΠΑΠΑΔΟΠΟΥΛΟΝ — ἡ κηδεία θὰ γίνῃ σήμερον εἰς τὸ Α΄ Νεκροταφεῖον.

ΣΥΝΕΧΕΙΑ
✿✿✿✿✿

ὁ καταστατικὸς καὶ ἡ σύνθεσις τῶν ὀργάνων τοῦ κόμματος. Ἡ Ἕνωσις Κέντρου δὲν εἶναι μόνον κόμμα, εἶναι καὶ πνεῦμα. Καὶ τὸ πνεῦμα αὐτὸ ἐκφράζεται μόνον μὲ τὴν ἀνένδοτον γραμμὴν πρὸς ὅλους. Ὁ ἀγὼν θὰ συνεχισθῇ μέχρι τῆς πλήρους δικαιώσεως τοῦ λαοῦ. Χειροκροτήματα. Ἡ κυβέρνησις ἔχει ὑποχρέωσιν νὰ προσφύγῃ εἰς τὸν λαόν, ὁ ὁποῖος εἶναι ὁ μόνος κυρίαρχος. Οὐδεὶς δύναται νὰ ἀμφισβητήσῃ τὴν θέλησιν τοῦ ἑλληνικοῦ λαοῦ.

Κύκλοι τῆς Ἑνώσεως Κέντρου παρατηροῦν ὅτι ἡ θέσις τοῦ κ. Παπανδρέου περὶ τῶν νεολαιῶν τῶν κομμάτων ἐγένετο δεκτὴ ὑπὸ πάντων τῶν μελῶν τοῦ Συμβουλίου τοῦ Στέμματος κατὰ τὴν σύσκεψιν. Οὐδεὶς ἀντέκρουσε τὴν ἄποψιν ὅτι αἱ νεολαῖαι δὲν διαλύονται, διότι ἀπετέλουν αὐτοτελῆ ὀργάνωσιν καὶ δι' αὐτὸ εἶχε καταρτισθῆ εἰδικὸν νομοσχέδιον. Ἀναφέρεται ὅτι ἡ κυβέρνησις εἶχε προαναγγείλει τὴν ρύθμισιν τοῦ θέματος μὲ νόμον.

ΜΟΝΟΝ Ο ΑΡΧΗΓΟΣ

Ἔρχομαι εἰς ἓν δεύτερον θέμα. Ποῖος χαράσσει τὴν γραμμὴν τοῦ κόμματος; Τὴν γραμμὴν τοῦ κόμματος τὴν χαράσσει ὁ ἀρχηγός, μετὰ ἀπὸ συζήτησιν μὲ τὰ ὄργανα τοῦ κόμματος. Ἀλλὰ ἡ εὐθύνη ἀνήκει εἰς αὐτόν.

ΑΝΕΝΔΟΤΟΙ ΠΡΟΣ ΟΛΟΥΣ

Δὲν ἀποφεύγομεν καὶ δὲν πρέπει νὰ ἀποφύγωμεν τὰς συζητήσεις. Ἀλλὰ ἡ γραμμὴ μας εἶναι σαφής: ἀνένδοτοι πρὸς ὅλους. Αὐτὴ εἶναι ἡ θέλησις τοῦ λαοῦ καὶ αὐτὴν θὰ ὑπηρετήσωμεν.

ὁ καταστατικὸς καὶ ἡ σύνθεσις τῶν ὀργάνων τοῦ κόμματος. Ἡ Ἕνωσις Κέντρου δὲν εἶναι μόνον κόμμα, εἶναι καὶ πνεῦμα. Καὶ τὸ πνεῦμα αὐτὸ ἐκφράζεται μόνον μὲ τὴν ἀνένδοτον γραμμὴν πρὸς ὅλους. Ὁ ἀγὼν θὰ συνεχισθῇ μέχρι τῆς πλήρους δικαιώσεως τοῦ λαοῦ. Χειροκροτήματα. Ἡ κυβέρνησις ἔχει ὑποχρέωσιν νὰ προσφύγῃ εἰς τὸν λαόν, ὁ ὁποῖος εἶναι ὁ μόνος κυρίαρχος. Οὐδεὶς δύναται νὰ ἀμφισβητήσῃ τὴν θέλησιν τοῦ ἑλληνικοῦ λαοῦ.

ΘΑ ΝΙΚΗΣΩΜΕΝ ΠΑΛΙΝ

Ἐπανῆλθεν εἰς τὴν σύσκεψιν ἡ ἐμπιστοσύνη πρὸς τὸν ἀγῶνα. Θὰ νικήσωμεν πάλιν, διότι ὁ λαὸς εἶναι μαζί μας. Χειροκροτήματα.

Ἔρχομαι εἰς ἓν δεύτερον θέμα. Ποῖος χαράσσει τὴν γραμμὴν τοῦ κόμματος; Τὴν γραμμὴν τοῦ κόμματος τὴν χαράσσει ὁ ἀρχηγός, μετὰ ἀπὸ συζήτησιν μὲ τὰ ὄργανα τοῦ κόμματος. Ἀλλὰ ἡ εὐθύνη ἀνήκει εἰς αὐτόν.

ὁ καταστατικὸς καὶ ἡ σύνθεσις τῶν ὀργάνων τοῦ κόμματος. Ἡ Ἕνωσις Κέντρου δὲν εἶναι μόνον κόμμα, εἶναι καὶ πνεῦμα. Καὶ τὸ πνεῦμα αὐτὸ ἐκφράζεται μόνον μὲ τὴν ἀνένδοτον γραμμὴν πρὸς ὅλους. Ὁ ἀγὼν θὰ συνεχισθῇ μέχρι τῆς πλήρους δικαιώσεως τοῦ λαοῦ. Χειροκροτήματα. Ἡ κυβέρνησις ἔχει ὑποχρέωσιν νὰ προσφύγῃ εἰς τὸν λαόν, ὁ ὁποῖος εἶναι ὁ μόνος κυρίαρχος. Οὐδεὶς δύναται νὰ ἀμφισβητήσῃ τὴν θέλησιν τοῦ ἑλληνικοῦ λαοῦ.

Δὲν ἀποφεύγομεν καὶ δὲν πρέπει νὰ ἀποφύγωμεν τὰς συζητήσεις. Ἀλλὰ ἡ γραμμὴ μας εἶναι σαφής: ἀνένδοτοι πρὸς ὅλους. Αὐτὴ εἶναι ἡ θέλησις τοῦ λαοῦ καὶ αὐτὴν θὰ ὑπηρετήσωμεν.

Ο κ. ΚΑΤΣΟΤΑΣ

Ἀκολούθως ἐξέφρασε τὴν ἄποψιν ὁ βουλευτὴς ὅτι τὸ κόμμα πρέπει νὰ παραμείνῃ ἑνωμένον.

Ἐπανῆλθεν εἰς τὴν σύσκεψιν ἡ ἐμπιστοσύνη πρὸς τὸν ἀγῶνα. Θὰ νικήσωμεν πάλιν, διότι ὁ λαὸς εἶναι μαζί μας. Χειροκροτήματα.

ΤΑ ΔΙΚΑΣΤΙΚΑ ΘΕΜΑΤΑ

Μετὰ ταῦτα ἤρχισεν ἡ συζήτησις ἐπὶ τῶν δικαστικῶν θεμάτων τῆς ἐπικαιρότητος.

Ἀκολούθως ἐξέφρασε τὴν ἄποψιν ὁ βουλευτὴς ὅτι τὸ κόμμα πρέπει νὰ παραμείνῃ ἑνωμένον.
